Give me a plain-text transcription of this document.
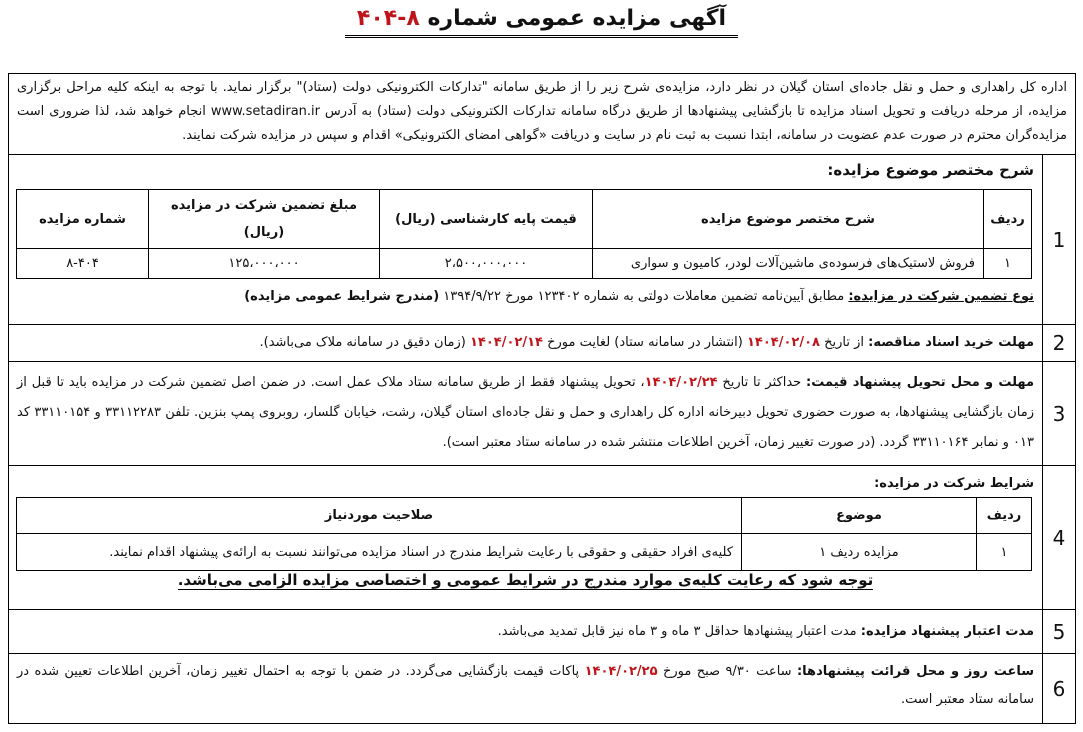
آگهی مزایده عمومی شماره ۸-۴۰۴
اداره کل راهداری و حمل و نقل جاده‌ای استان گیلان در نظر دارد، مزایده‌ی شرح زیر را از طریق سامانه "تدارکات الکترونیکی دولت (ستاد)" برگزار نماید. با توجه به اینکه کلیه مراحل برگزاری مزایده، از مرحله دریافت و تحویل اسناد مزایده تا بازگشایی پیشنهادها از طریق درگاه سامانه تدارکات الکترونیکی دولت (ستاد) به آدرس www.setadiran.ir انجام خواهد شد، لذا ضروری است مزایده‌گران محترم در صورت عدم عضویت در سامانه، ابتدا نسبت به ثبت نام در سایت و دریافت «گواهی امضای الکترونیکی» اقدام و سپس در مزایده شرکت نمایند.
1
شرح مختصر موضوع مزایده:
ردیف	شرح مختصر موضوع مزایده	قیمت پایه کارشناسی (ریال)	مبلغ تضمین شرکت در مزایده (ریال)	شماره مزایده
۱	فروش لاستیک‌های فرسوده‌ی ماشین‌آلات لودر، کامیون و سواری	۲،۵۰۰،۰۰۰،۰۰۰	۱۲۵،۰۰۰،۰۰۰	۸-۴۰۴
نوع تضمین شرکت در مزایده: مطابق آیین‌نامه تضمین معاملات دولتی به شماره ۱۲۳۴۰۲ مورخ ۱۳۹۴/۹/۲۲ (مندرج شرایط عمومی مزایده)
2
مهلت خرید اسناد مناقصه: از تاریخ ۱۴۰۴/۰۲/۰۸ (انتشار در سامانه ستاد) لغایت مورخ ۱۴۰۴/۰۲/۱۴ (زمان دقیق در سامانه ملاک می‌باشد).
3
مهلت و محل تحویل پیشنهاد قیمت: حداکثر تا تاریخ ۱۴۰۴/۰۲/۲۴، تحویل پیشنهاد فقط از طریق سامانه ستاد ملاک عمل است. در ضمن اصل تضمین شرکت در مزایده باید تا قبل از زمان بازگشایی پیشنهادها، به صورت حضوری تحویل دبیرخانه اداره کل راهداری و حمل و نقل جاده‌ای استان گیلان، رشت، خیابان گلسار، روبروی پمپ بنزین. تلفن ۳۳۱۱۲۲۸۳ و ۳۳۱۱۰۱۵۴ کد ۰۱۳ و نمابر ۳۳۱۱۰۱۶۴ گردد. (در صورت تغییر زمان، آخرین اطلاعات منتشر شده در سامانه ستاد معتبر است).
4
شرایط شرکت در مزایده:
ردیف	موضوع	صلاحیت موردنیاز
۱	مزایده ردیف ۱	کلیه‌ی افراد حقیقی و حقوقی با رعایت شرایط مندرج در اسناد مزایده می‌توانند نسبت به ارائه‌ی پیشنهاد اقدام نمایند.
توجه شود که رعایت کلیه‌ی موارد مندرج در شرایط عمومی و اختصاصی مزایده الزامی می‌باشد.
5
مدت اعتبار پیشنهاد مزایده: مدت اعتبار پیشنهادها حداقل ۳ ماه و ۳ ماه نیز قابل تمدید می‌باشد.
6
ساعت روز و محل قرائت پیشنهادها: ساعت ۹/۳۰ صبح مورخ ۱۴۰۴/۰۲/۲۵ پاکات قیمت بازگشایی می‌گردد. در ضمن با توجه به احتمال تغییر زمان، آخرین اطلاعات تعیین شده در سامانه ستاد معتبر است.
